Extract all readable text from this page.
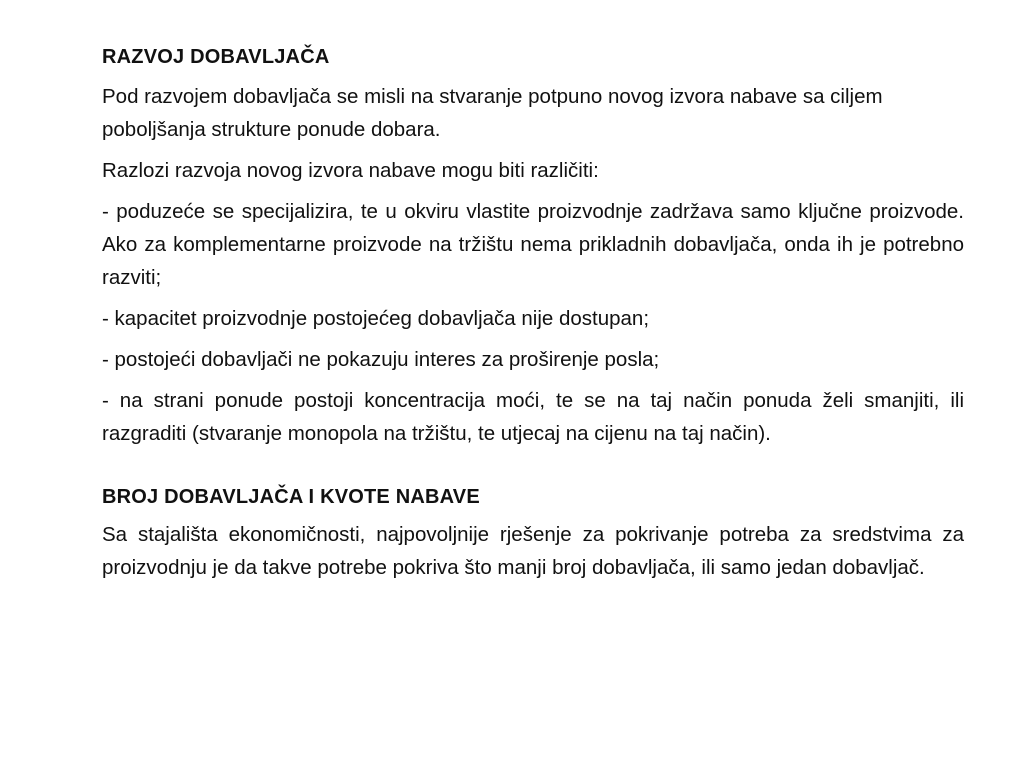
RAZVOJ DOBAVLJAČA

Pod razvojem dobavljača se misli na stvaranje potpuno novog izvora nabave sa ciljem poboljšanja strukture ponude dobara.

Razlozi razvoja novog izvora nabave mogu biti različiti:

- poduzeće se specijalizira, te u okviru vlastite proizvodnje zadržava samo ključne proizvode. Ako za komplementarne proizvode na tržištu nema prikladnih dobavljača, onda ih je potrebno razviti;

- kapacitet proizvodnje postojećeg dobavljača nije dostupan;

- postojeći dobavljači ne pokazuju interes za proširenje posla;

- na strani ponude postoji koncentracija moći, te se na taj način ponuda želi smanjiti, ili razgraditi (stvaranje monopola na tržištu, te utjecaj na cijenu na taj način).

BROJ DOBAVLJAČA I KVOTE NABAVE

Sa stajališta ekonomičnosti, najpovoljnije rješenje za pokrivanje potreba za sredstvima za proizvodnju je da takve potrebe pokriva što manji broj dobavljača, ili samo jedan dobavljač.
